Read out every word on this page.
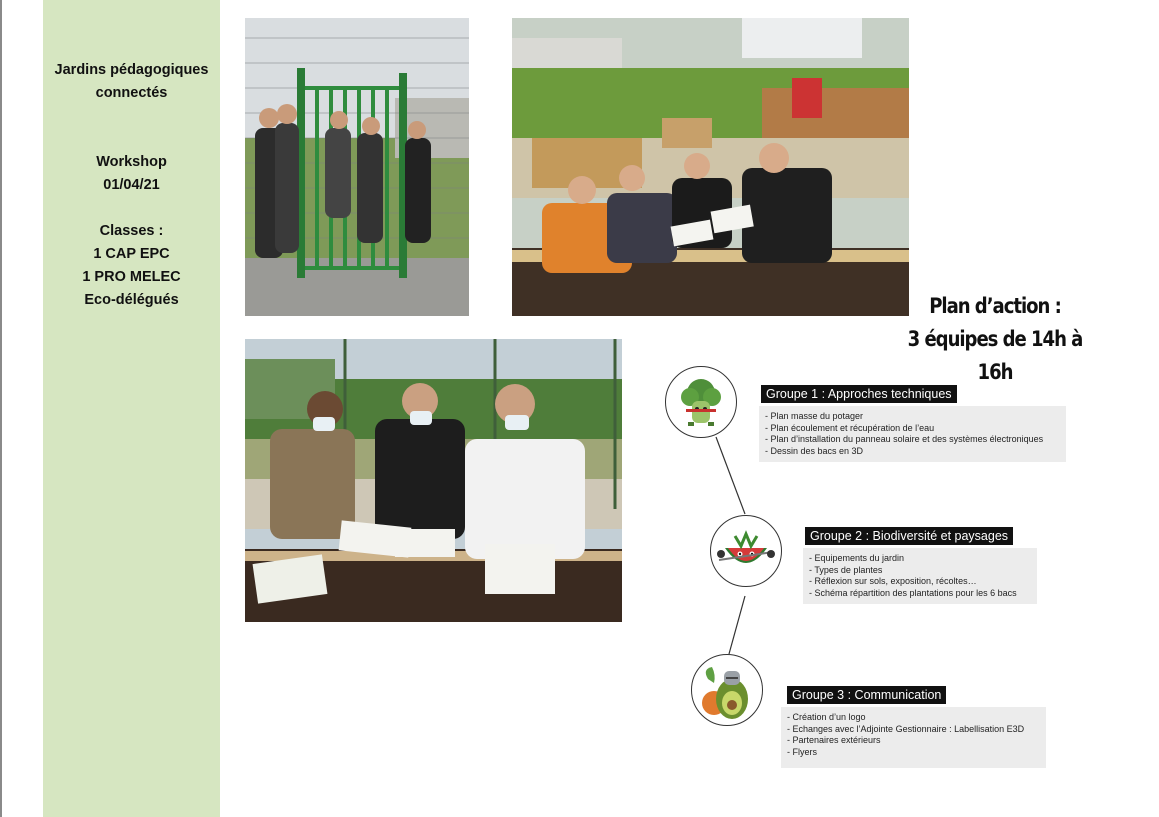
Jardins pédagogiques
connectés
Workshop
01/04/21
Classes :
1 CAP EPC
1 PRO MELEC
Eco-délégués	Plan d’action :
3 équipes de 14h à 16h
Groupe 1 : Approches techniques
- Plan masse du potager
- Plan écoulement et récupération de l’eau
- Plan d’installation du panneau solaire et des systèmes électroniques
- Dessin des bacs en 3D
Groupe 2 : Biodiversité et paysages
- Equipements du jardin
- Types de plantes
- Réflexion sur sols, exposition, récoltes…
- Schéma répartition des plantations pour les 6 bacs
Groupe 3 : Communication
- Création d’un logo
- Echanges avec l’Adjointe Gestionnaire : Labellisation E3D
- Partenaires extérieurs
- Flyers
